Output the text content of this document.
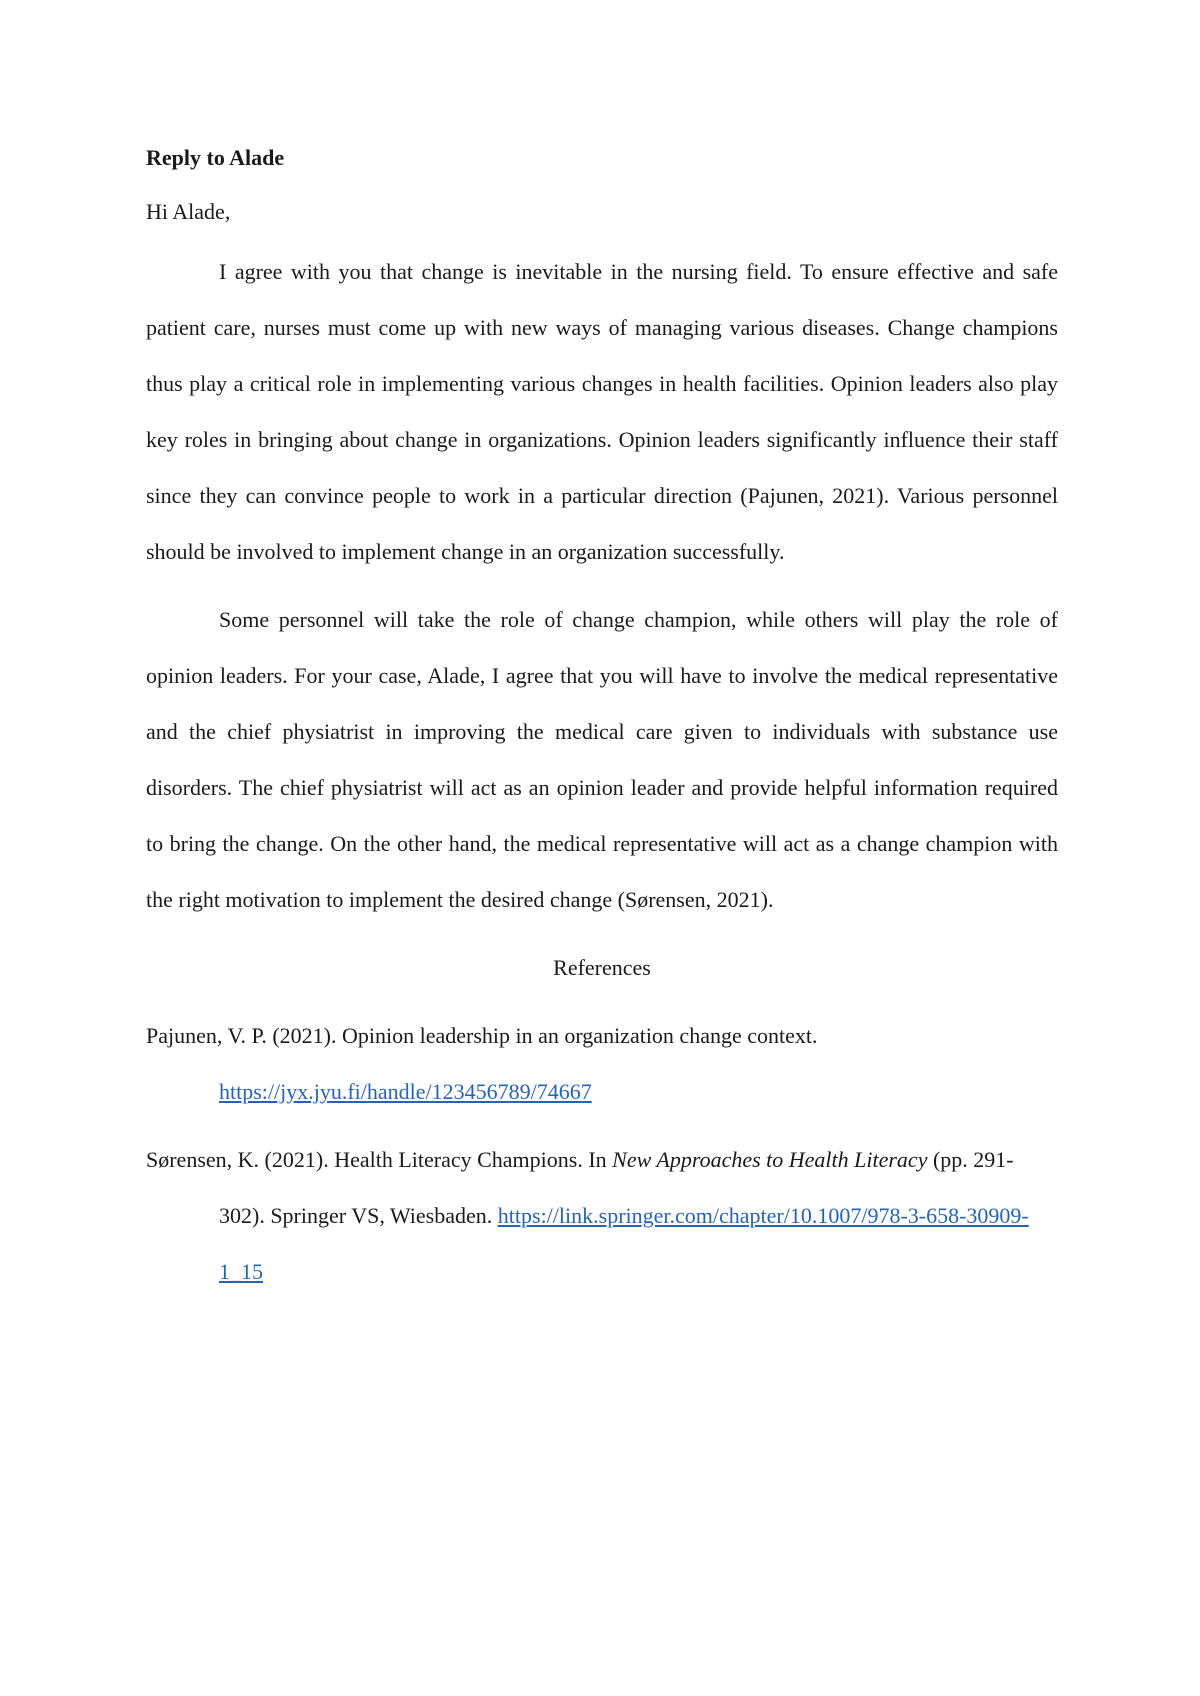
Reply to Alade

Hi Alade,

I agree with you that change is inevitable in the nursing field. To ensure effective and safe patient care, nurses must come up with new ways of managing various diseases. Change champions thus play a critical role in implementing various changes in health facilities. Opinion leaders also play key roles in bringing about change in organizations. Opinion leaders significantly influence their staff since they can convince people to work in a particular direction (Pajunen, 2021). Various personnel should be involved to implement change in an organization successfully.

Some personnel will take the role of change champion, while others will play the role of opinion leaders. For your case, Alade, I agree that you will have to involve the medical representative and the chief physiatrist in improving the medical care given to individuals with substance use disorders. The chief physiatrist will act as an opinion leader and provide helpful information required to bring the change. On the other hand, the medical representative will act as a change champion with the right motivation to implement the desired change (Sørensen, 2021).

References

Pajunen, V. P. (2021). Opinion leadership in an organization change context. https://jyx.jyu.fi/handle/123456789/74667

Sørensen, K. (2021). Health Literacy Champions. In New Approaches to Health Literacy (pp. 291-302). Springer VS, Wiesbaden. https://link.springer.com/chapter/10.1007/978-3-658-30909-1_15
